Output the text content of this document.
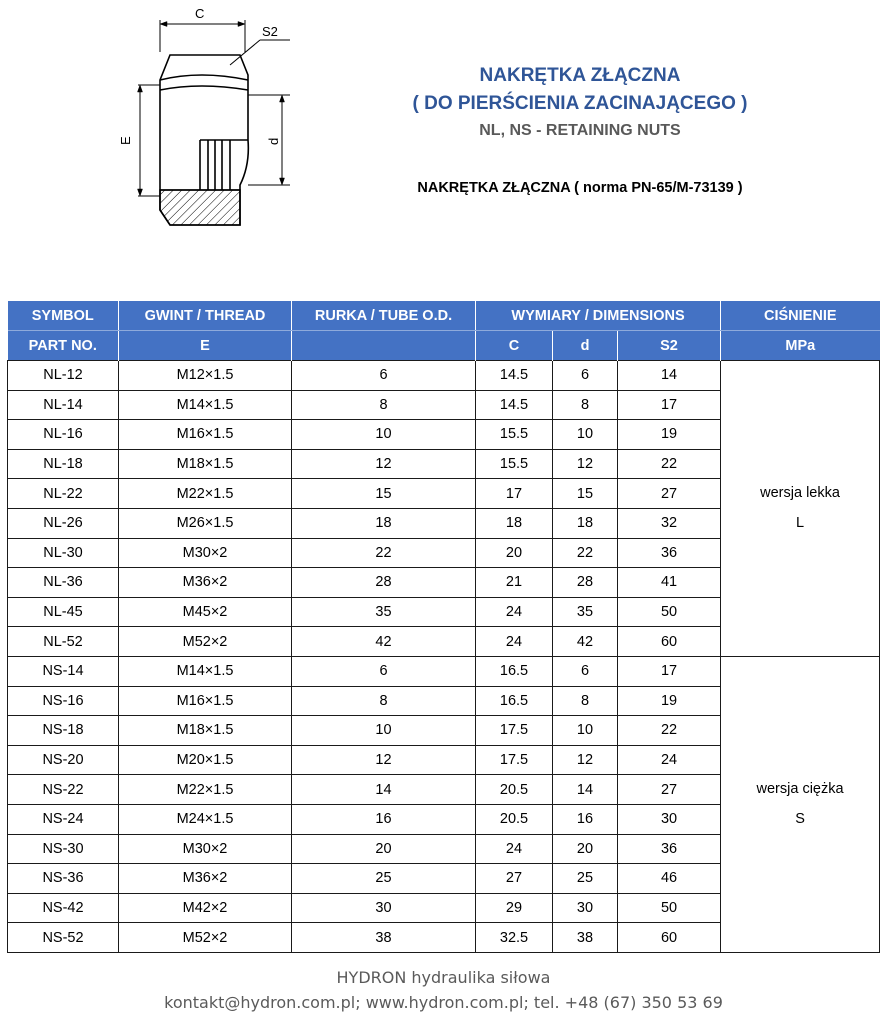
C
S2
E	d
NAKRĘTKA ZŁĄCZNA
( DO PIERŚCIENIA ZACINAJĄCEGO )
NL, NS - RETAINING NUTS
NAKRĘTKA ZŁĄCZNA ( norma PN-65/M-73139 )
SYMBOL	GWINT / THREAD	RURKA / TUBE O.D.	WYMIARY / DIMENSIONS			CIŚNIENIE
PART NO.	E		C	d	S2	MPa
NL-12	M12×1.5	6	14.5	6	14	wersja lekka
L

NL-14	M14×1.5	8	14.5	8	17	
NL-16	M16×1.5	10	15.5	10	19	
NL-18	M18×1.5	12	15.5	12	22	
NL-22	M22×1.5	15	17	15	27	
NL-26	M26×1.5	18	18	18	32	
NL-30	M30×2	22	20	22	36	
NL-36	M36×2	28	21	28	41	
NL-45	M45×2	35	24	35	50	
NL-52	M52×2	42	24	42	60	
NS-14	M14×1.5	6	16.5	6	17	wersja ciężka
S

NS-16	M16×1.5	8	16.5	8	19	
NS-18	M18×1.5	10	17.5	10	22	
NS-20	M20×1.5	12	17.5	12	24	
NS-22	M22×1.5	14	20.5	14	27	
NS-24	M24×1.5	16	20.5	16	30	
NS-30	M30×2	20	24	20	36	
NS-36	M36×2	25	27	25	46	
NS-42	M42×2	30	29	30	50	
NS-52	M52×2	38	32.5	38	60	
HYDRON hydraulika siłowa
kontakt@hydron.com.pl; www.hydron.com.pl; tel. +48 (67) 350 53 69
